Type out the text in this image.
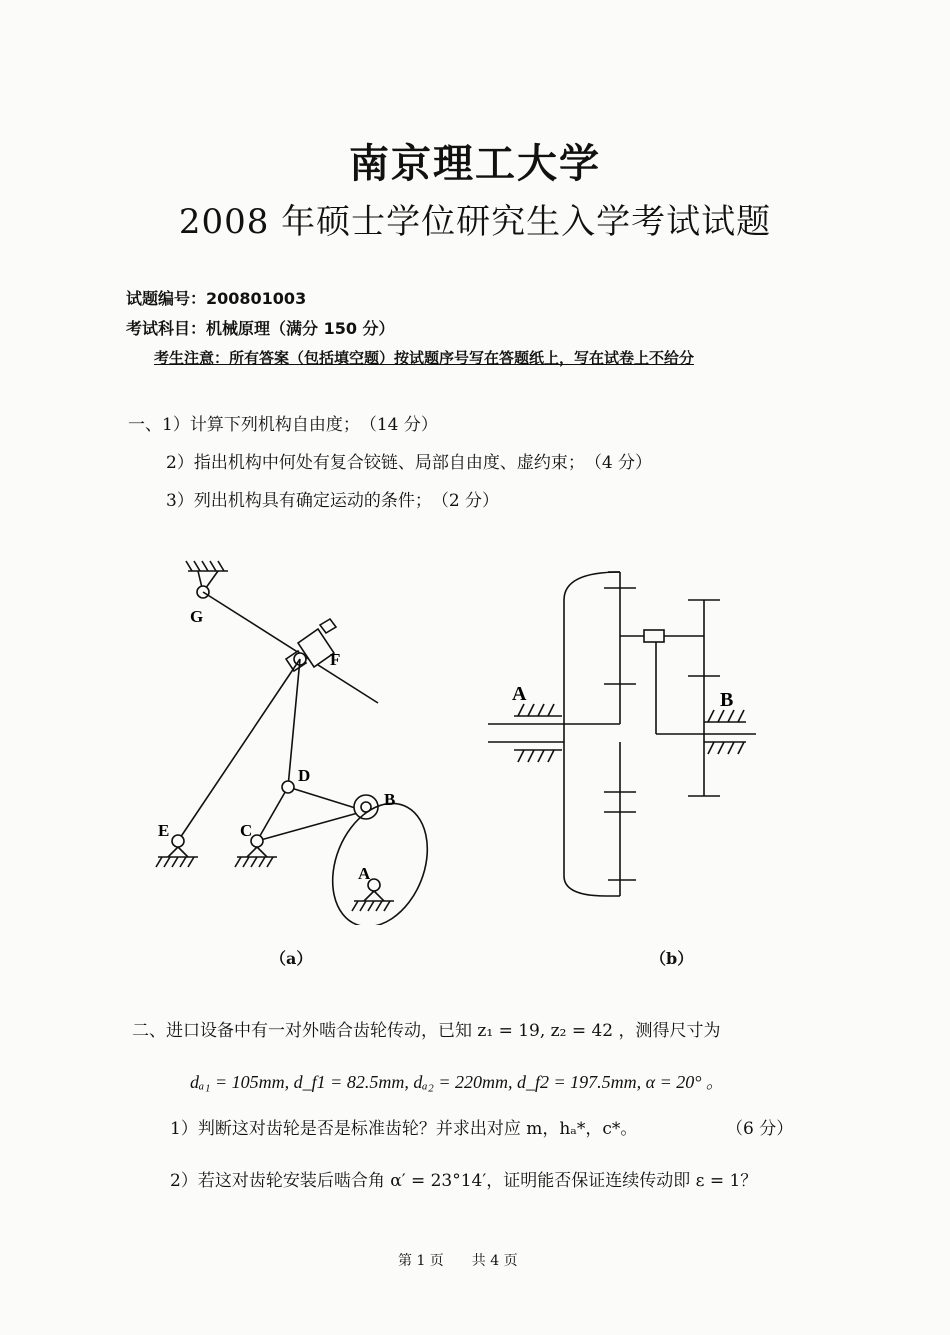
南京理工大学
2008 年硕士学位研究生入学考试试题
试题编号：200801003
考试科目：机械原理（满分 150 分）
考生注意：所有答案（包括填空题）按试题序号写在答题纸上，写在试卷上不给分
一、1）计算下列机构自由度；　（14 分）
2）指出机构中何处有复合铰链、局部自由度、虚约束；　（4 分）
3）列出机构具有确定运动的条件；　（2 分）
G
F
D
B
E	C
A
（a）
A	B
（b）
二、进口设备中有一对外啮合齿轮传动，已知 z₁ = 19, z₂ = 42 ，测得尺寸为
dₐ₁ = 105mm, d_f1 = 82.5mm, dₐ₂ = 220mm, d_f2 = 197.5mm, α = 20° 。
1）判断这对齿轮是否是标准齿轮？并求出对应 m，hₐ*，c*。	（6 分）
2）若这对齿轮安装后啮合角 α′ = 23°14′，证明能否保证连续传动即 ε = 1？
第 1 页　　共 4 页
